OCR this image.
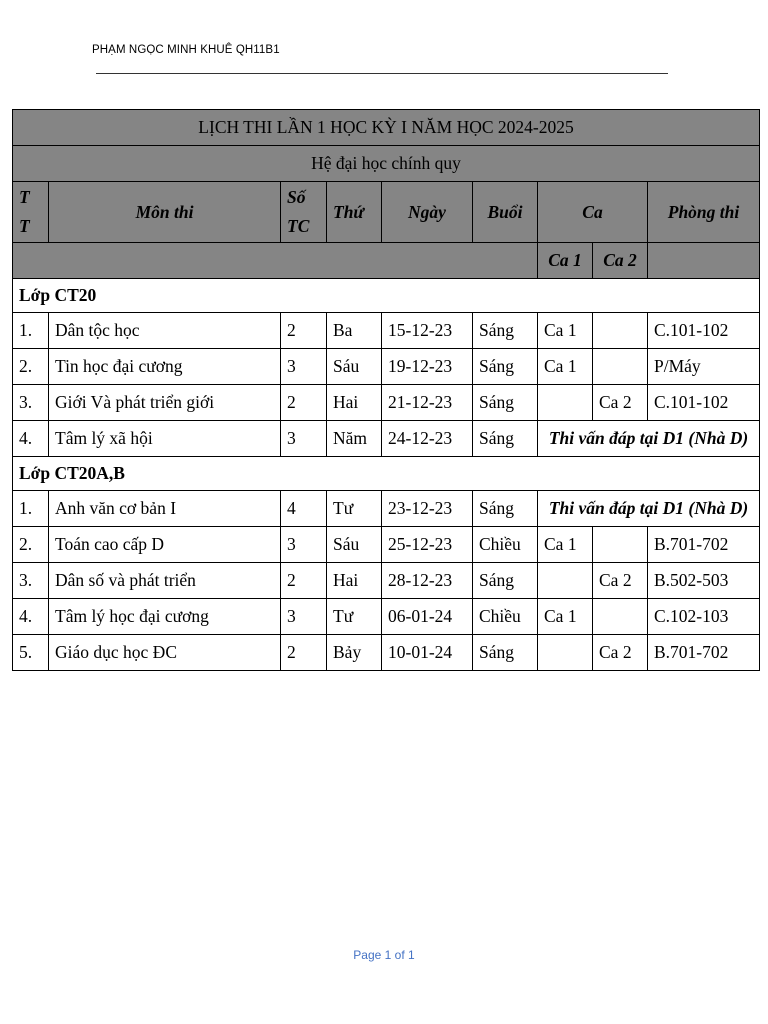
PHẠM NGỌC MINH KHUÊ QH11B1
LỊCH THI LẦN 1 HỌC KỲ I NĂM HỌC 2024-2025								
Hệ đại học chính quy								
T T	Môn thi	Số TC	Thứ	Ngày	Buổi	Ca		Phòng thi
						Ca 1	Ca 2	
Lớp CT20								
1.	Dân tộc học	2	Ba	15-12-23	Sáng	Ca 1		C.101-102
2.	Tin học đại cương	3	Sáu	19-12-23	Sáng	Ca 1		P/Máy
3.	Giới Và phát triển giới	2	Hai	21-12-23	Sáng		Ca 2	C.101-102
4.	Tâm lý xã hội	3	Năm	24-12-23	Sáng	Thi vấn đáp tại D1 (Nhà D)		
Lớp CT20A,B								
1.	Anh văn cơ bản I	4	Tư	23-12-23	Sáng	Thi vấn đáp tại D1 (Nhà D)		
2.	Toán cao cấp D	3	Sáu	25-12-23	Chiều	Ca 1		B.701-702
3.	Dân số và phát triển	2	Hai	28-12-23	Sáng		Ca 2	B.502-503
4.	Tâm lý học đại cương	3	Tư	06-01-24	Chiều	Ca 1		C.102-103
5.	Giáo dục học ĐC	2	Bảy	10-01-24	Sáng		Ca 2	B.701-702
Page 1 of 1
